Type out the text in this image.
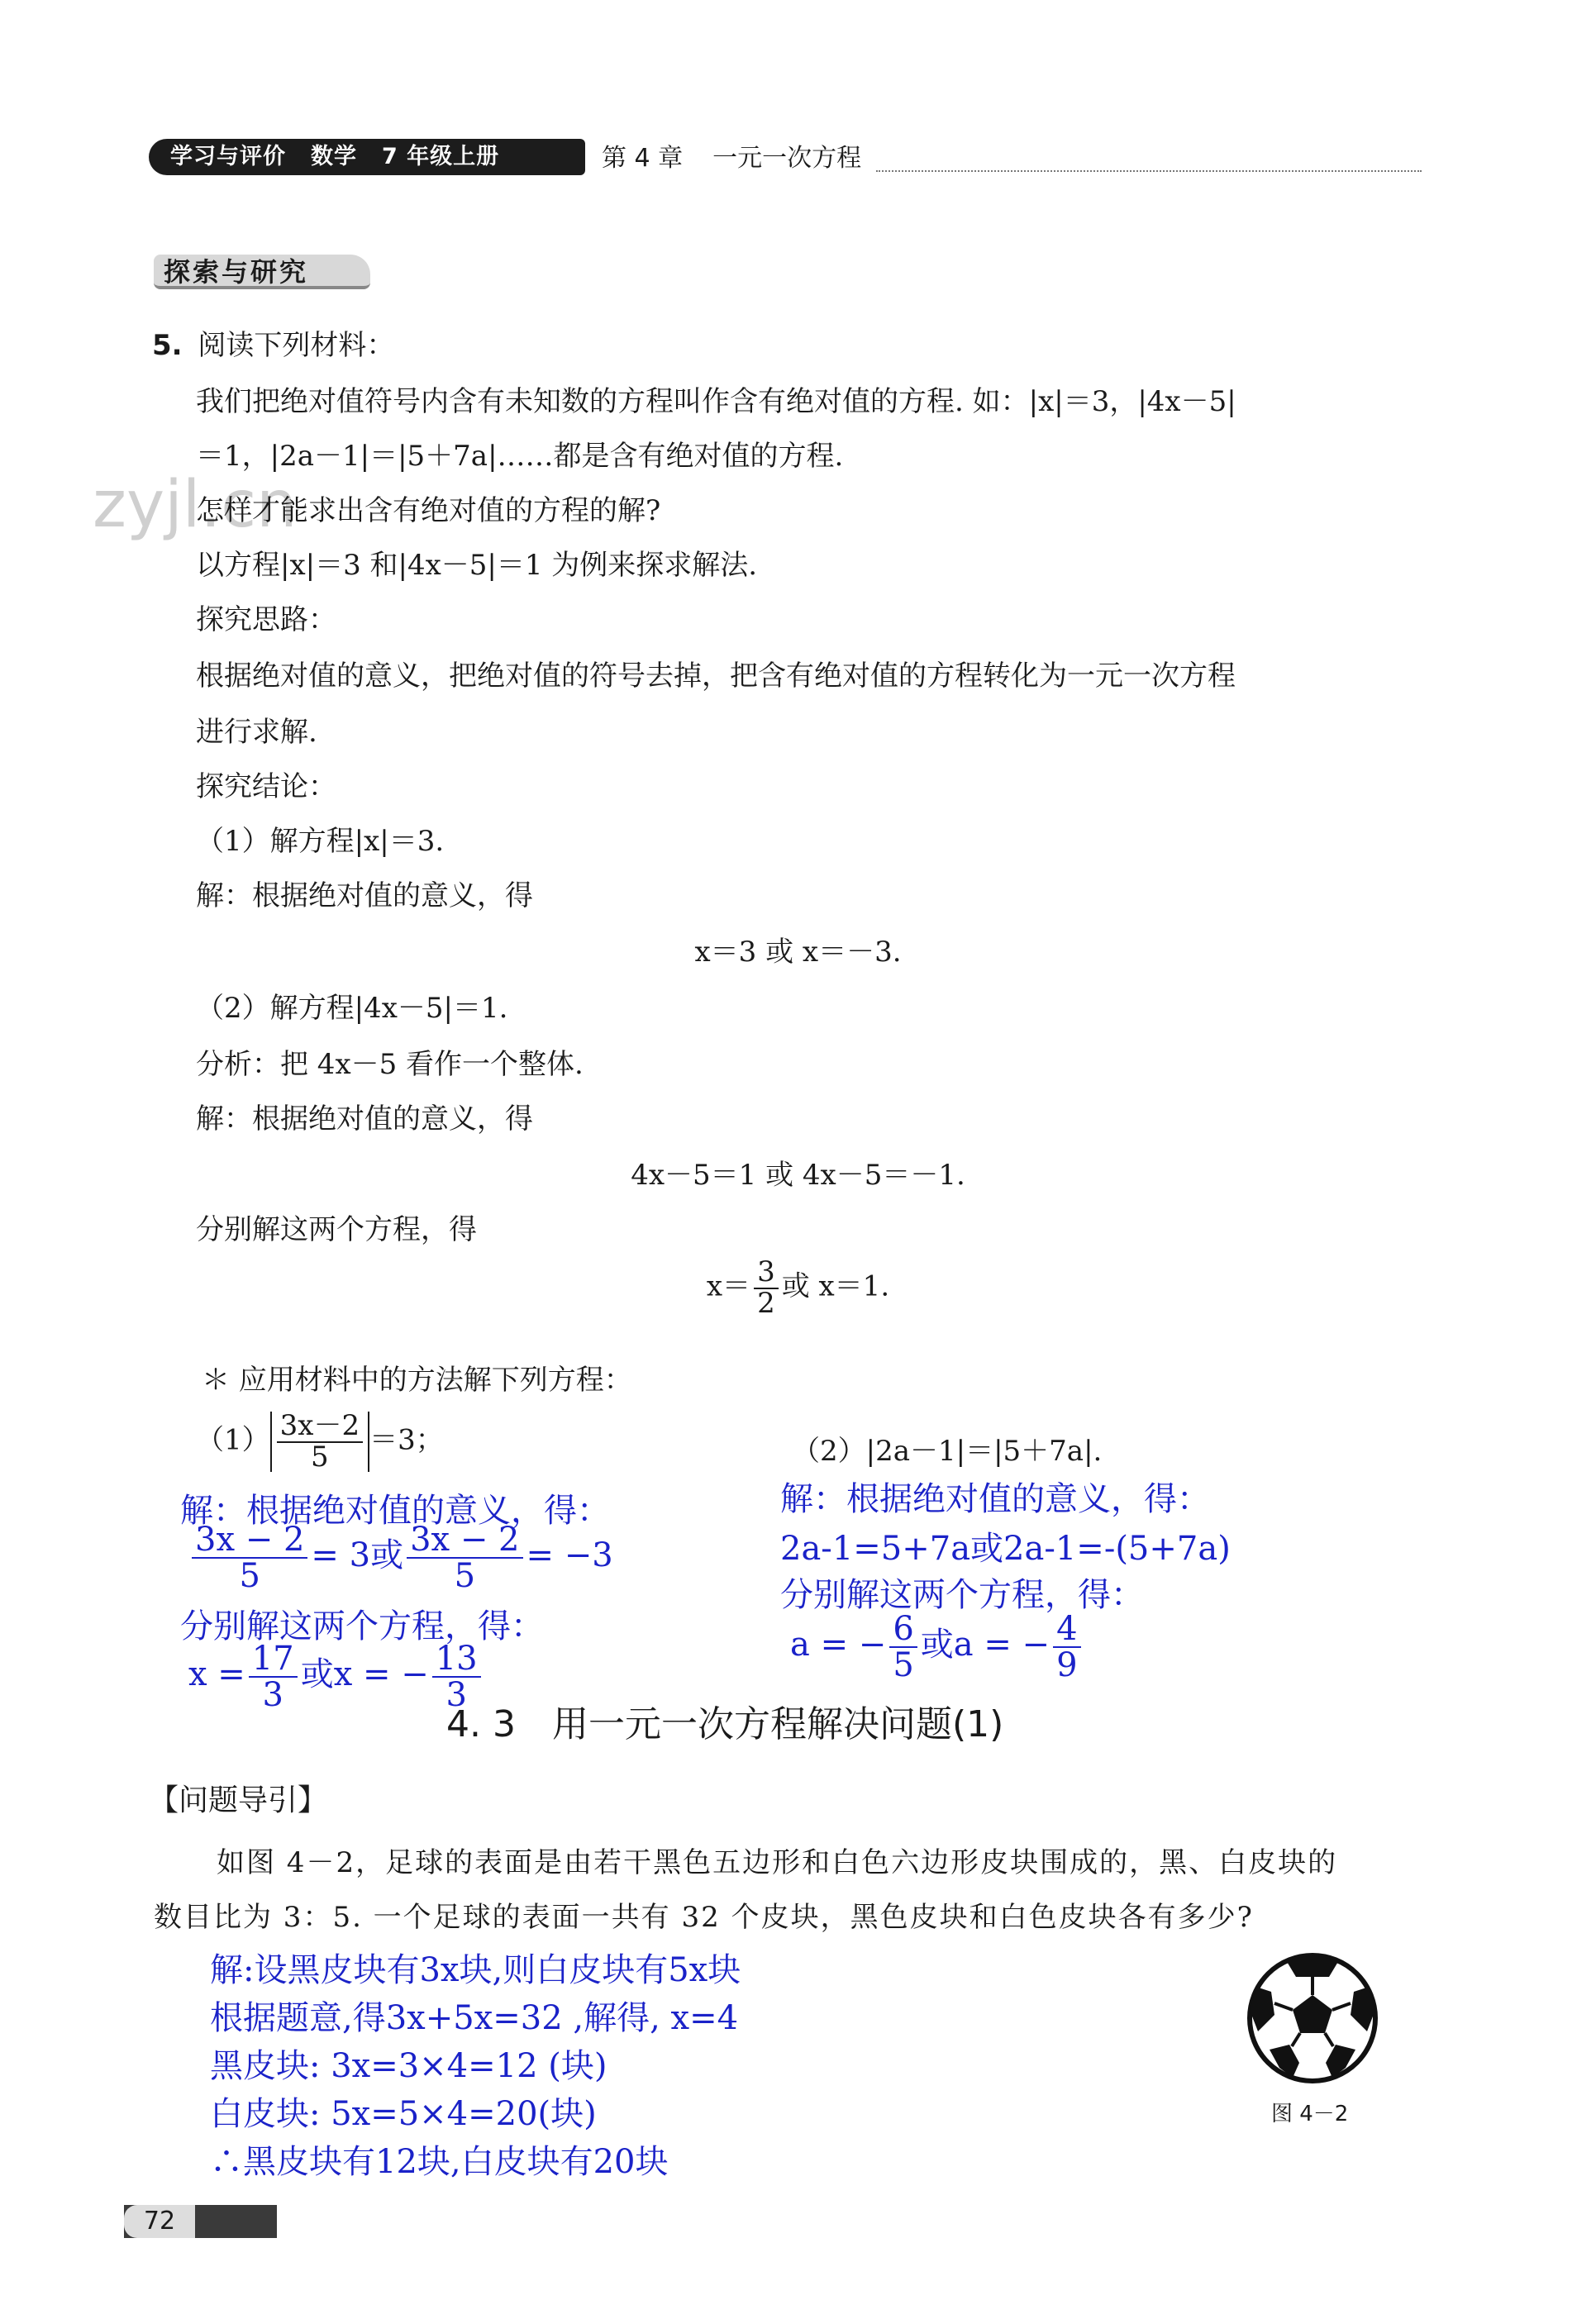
学习与评价 数学 7 年级上册	第 4 章 一元一次方程
探索与研究
zyjl.cn
5. 阅读下列材料：
我们把绝对值符号内含有未知数的方程叫作含有绝对值的方程. 如：|x|＝3，|4x－5|
＝1，|2a－1|＝|5＋7a|……都是含有绝对值的方程.
怎样才能求出含有绝对值的方程的解?
以方程|x|＝3 和|4x－5|＝1 为例来探求解法.
探究思路：
根据绝对值的意义，把绝对值的符号去掉，把含有绝对值的方程转化为一元一次方程
进行求解.
探究结论：
（1）解方程|x|＝3.
解：根据绝对值的意义，得
x＝3 或 x＝－3.
（2）解方程|4x－5|＝1.
分析：把 4x－5 看作一个整体.
解：根据绝对值的意义，得
4x－5＝1 或 4x－5＝－1.
分别解这两个方程，得
$x= \frac{3}{2}$ 或 x＝1.
＊ 应用材料中的方法解下列方程：
$(1) \frac{3x-2}{5} =3$；	（2）|2a－1|＝|5＋7a|.
解：根据绝对值的意义，得：
$\frac{3x - 2}{5} = 3$或 $\frac{3x - 2}{5} = -3$
分别解这两个方程，得：
$x = \frac{17}{3}$ 或x = − $\frac{13}{3}$
解：根据绝对值的意义，得：
2a-1=5+7a或2a-1=-(5+7a)
分别解这两个方程，得：
a = − $\frac{6}{5}$ 或a = − $\frac{4}{9}$
4. 3　用一元一次方程解决问题(1)
【问题导引】
如图 4－2，足球的表面是由若干黑色五边形和白色六边形皮块围成的，黑、白皮块的
数目比为 3：5. 一个足球的表面一共有 32 个皮块，黑色皮块和白色皮块各有多少?
解:设黑皮块有3x块,则白皮块有5x块
根据题意,得3x+5x=32 ,解得, x=4
黑皮块: 3x=3×4=12 (块)
白皮块: 5x=5×4=20(块)
∴黑皮块有12块,白皮块有20块
图 4－2
72
